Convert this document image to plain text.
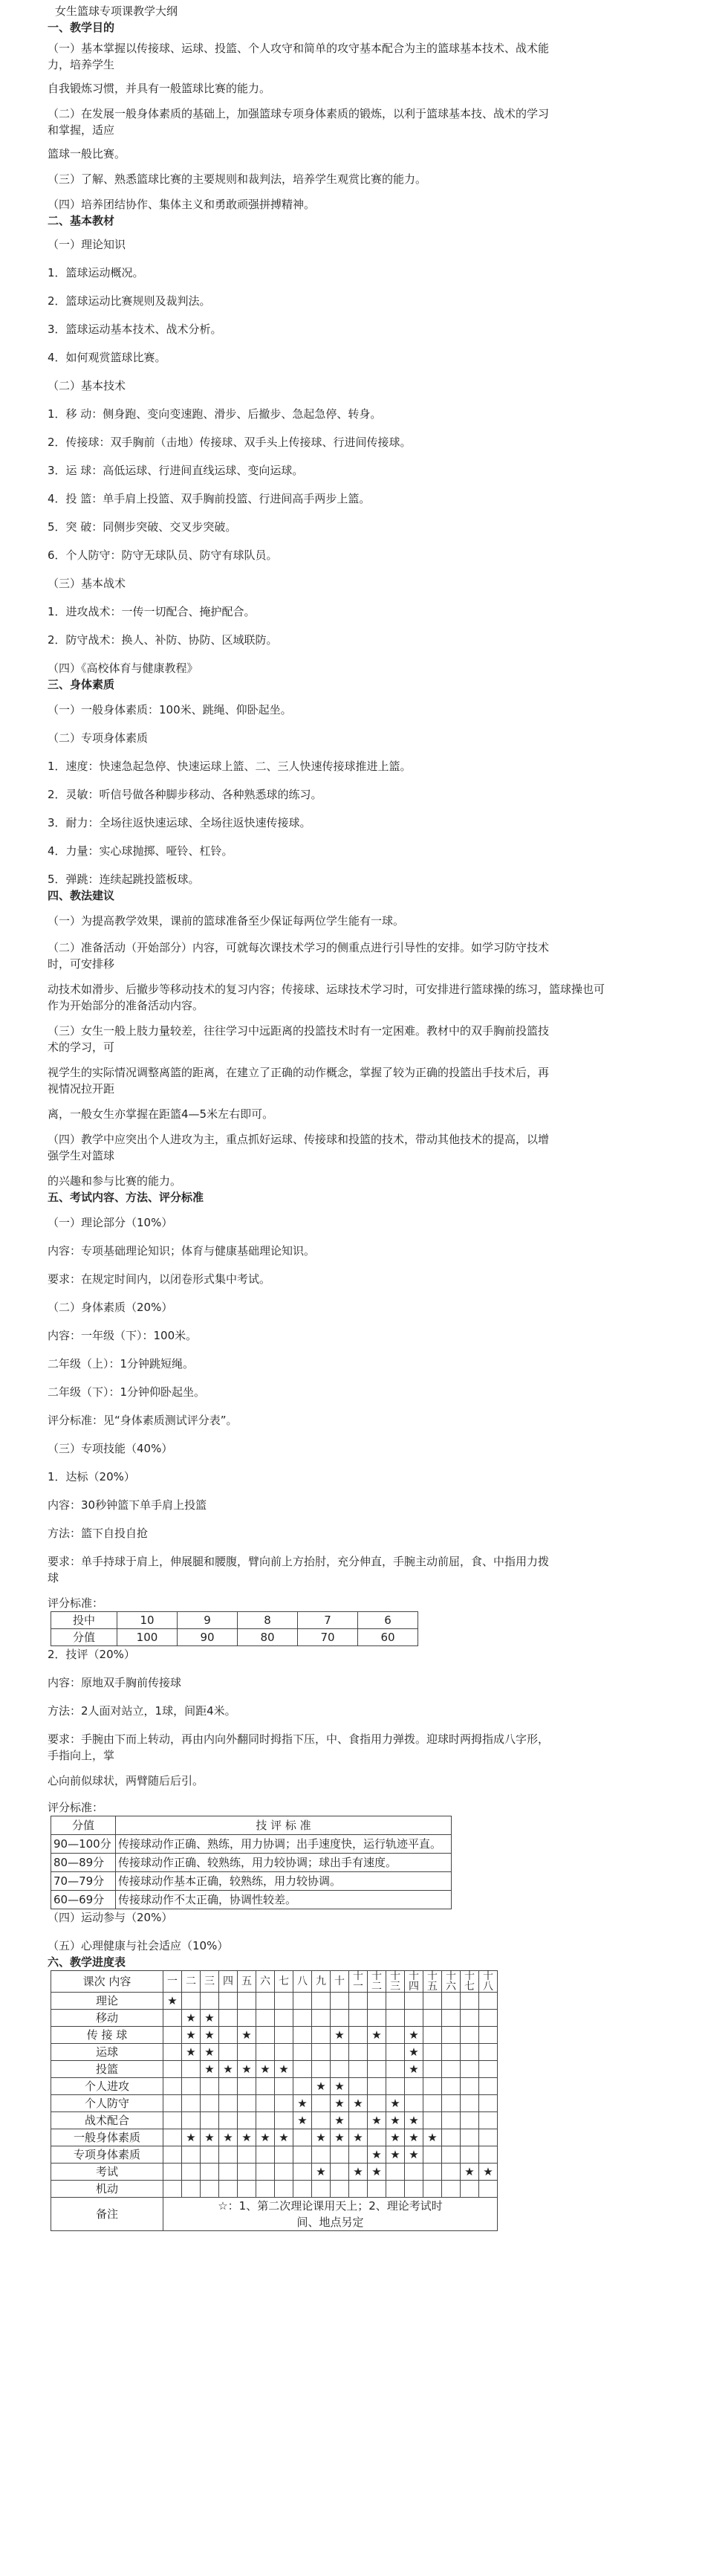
女生篮球专项课教学大纲
一、教学目的
（一）基本掌握以传接球、运球、投篮、个人攻守和简单的攻守基本配合为主的篮球基本技术、战术能
力，培养学生
自我锻炼习惯，并具有一般篮球比赛的能力。
（二）在发展一般身体素质的基础上，加强篮球专项身体素质的锻炼，以利于篮球基本技、战术的学习
和掌握，适应
篮球一般比赛。
（三）了解、熟悉篮球比赛的主要规则和裁判法，培养学生观赏比赛的能力。
（四）培养团结协作、集体主义和勇敢顽强拼搏精神。
二、基本教材
（一）理论知识
1．篮球运动概况。
2．篮球运动比赛规则及裁判法。
3．篮球运动基本技术、战术分析。
4．如何观赏篮球比赛。
（二）基本技术
1．移 动：侧身跑、变向变速跑、滑步、后撤步、急起急停、转身。
2．传接球：双手胸前（击地）传接球、双手头上传接球、行进间传接球。
3．运 球：高低运球、行进间直线运球、变向运球。
4．投 篮：单手肩上投篮、双手胸前投篮、行进间高手两步上篮。
5．突 破：同侧步突破、交叉步突破。
6．个人防守：防守无球队员、防守有球队员。
（三）基本战术
1．进攻战术：一传一切配合、掩护配合。
2．防守战术：换人、补防、协防、区域联防。
（四）《高校体育与健康教程》
三、身体素质
（一）一般身体素质：100米、跳绳、仰卧起坐。
（二）专项身体素质
1．速度：快速急起急停、快速运球上篮、二、三人快速传接球推进上篮。
2．灵敏：听信号做各种脚步移动、各种熟悉球的练习。
3．耐力：全场往返快速运球、全场往返快速传接球。
4．力量：实心球抛掷、哑铃、杠铃。
5．弹跳：连续起跳投篮板球。
四、教法建议
（一）为提高教学效果，课前的篮球准备至少保证每两位学生能有一球。
（二）准备活动（开始部分）内容，可就每次课技术学习的侧重点进行引导性的安排。如学习防守技术
时，可安排移
动技术如滑步、后撤步等移动技术的复习内容；传接球、运球技术学习时，可安排进行篮球操的练习，篮球操也可
作为开始部分的准备活动内容。
（三）女生一般上肢力量较差，往往学习中远距离的投篮技术时有一定困难。教材中的双手胸前投篮技
术的学习，可
视学生的实际情况调整离篮的距离，在建立了正确的动作概念，掌握了较为正确的投篮出手技术后，再
视情况拉开距
离，一般女生亦掌握在距篮4—5米左右即可。
（四）教学中应突出个人进攻为主，重点抓好运球、传接球和投篮的技术，带动其他技术的提高，以增
强学生对篮球
的兴趣和参与比赛的能力。
五、考试内容、方法、评分标准
（一）理论部分（10%）
内容：专项基础理论知识；体育与健康基础理论知识。
要求：在规定时间内，以闭卷形式集中考试。
（二）身体素质（20%）
内容：一年级（下）：100米。
二年级（上）：1分钟跳短绳。
二年级（下）：1分钟仰卧起坐。
评分标准：见“身体素质测试评分表”。
（三）专项技能（40%）
1．达标（20%）
内容：30秒钟篮下单手肩上投篮
方法：篮下自投自抢
要求：单手持球于肩上，伸展腿和腰腹，臂向前上方抬肘，充分伸直，手腕主动前屈，食、中指用力拨
球
评分标准：
投中	10	9	8	7	6
分值	100	90	80	70	60
2．技评（20%）
内容：原地双手胸前传接球
方法：2人面对站立，1球，间距4米。
要求：手腕由下而上转动，再由内向外翻同时拇指下压，中、食指用力弹拨。迎球时两拇指成八字形，
手指向上，掌
心向前似球状，两臂随后后引。
评分标准：
分值	技 评 标 准
90—100分	传接球动作正确、熟练，用力协调；出手速度快，运行轨迹平直。
80—89分	传接球动作正确、较熟练，用力较协调；球出手有速度。
70—79分	传接球动作基本正确，较熟练，用力较协调。
60—69分	传接球动作不太正确，协调性较差。
（四）运动参与（20%）
（五）心理健康与社会适应（10%）
六、教学进度表
课次 内容	一	二	三	四	五	六	七	八	九	十	十一	十二	十三	十四	十五	十六	十七	十八
理论	★																	
移动		★	★															
传 接 球		★	★		★					★		★		★				
运球		★	★											★				
投篮			★	★	★	★	★							★				
个人进攻									★	★								
个人防守								★		★	★		★					
战术配合								★		★		★	★	★				
一般身体素质		★	★	★	★	★	★		★	★	★		★	★	★			
专项身体素质												★	★	★				
考试									★		★	★					★	★
机动																		
备注	☆：1、第二次理论课用天上；2、理论考试时间、地点另定																	
